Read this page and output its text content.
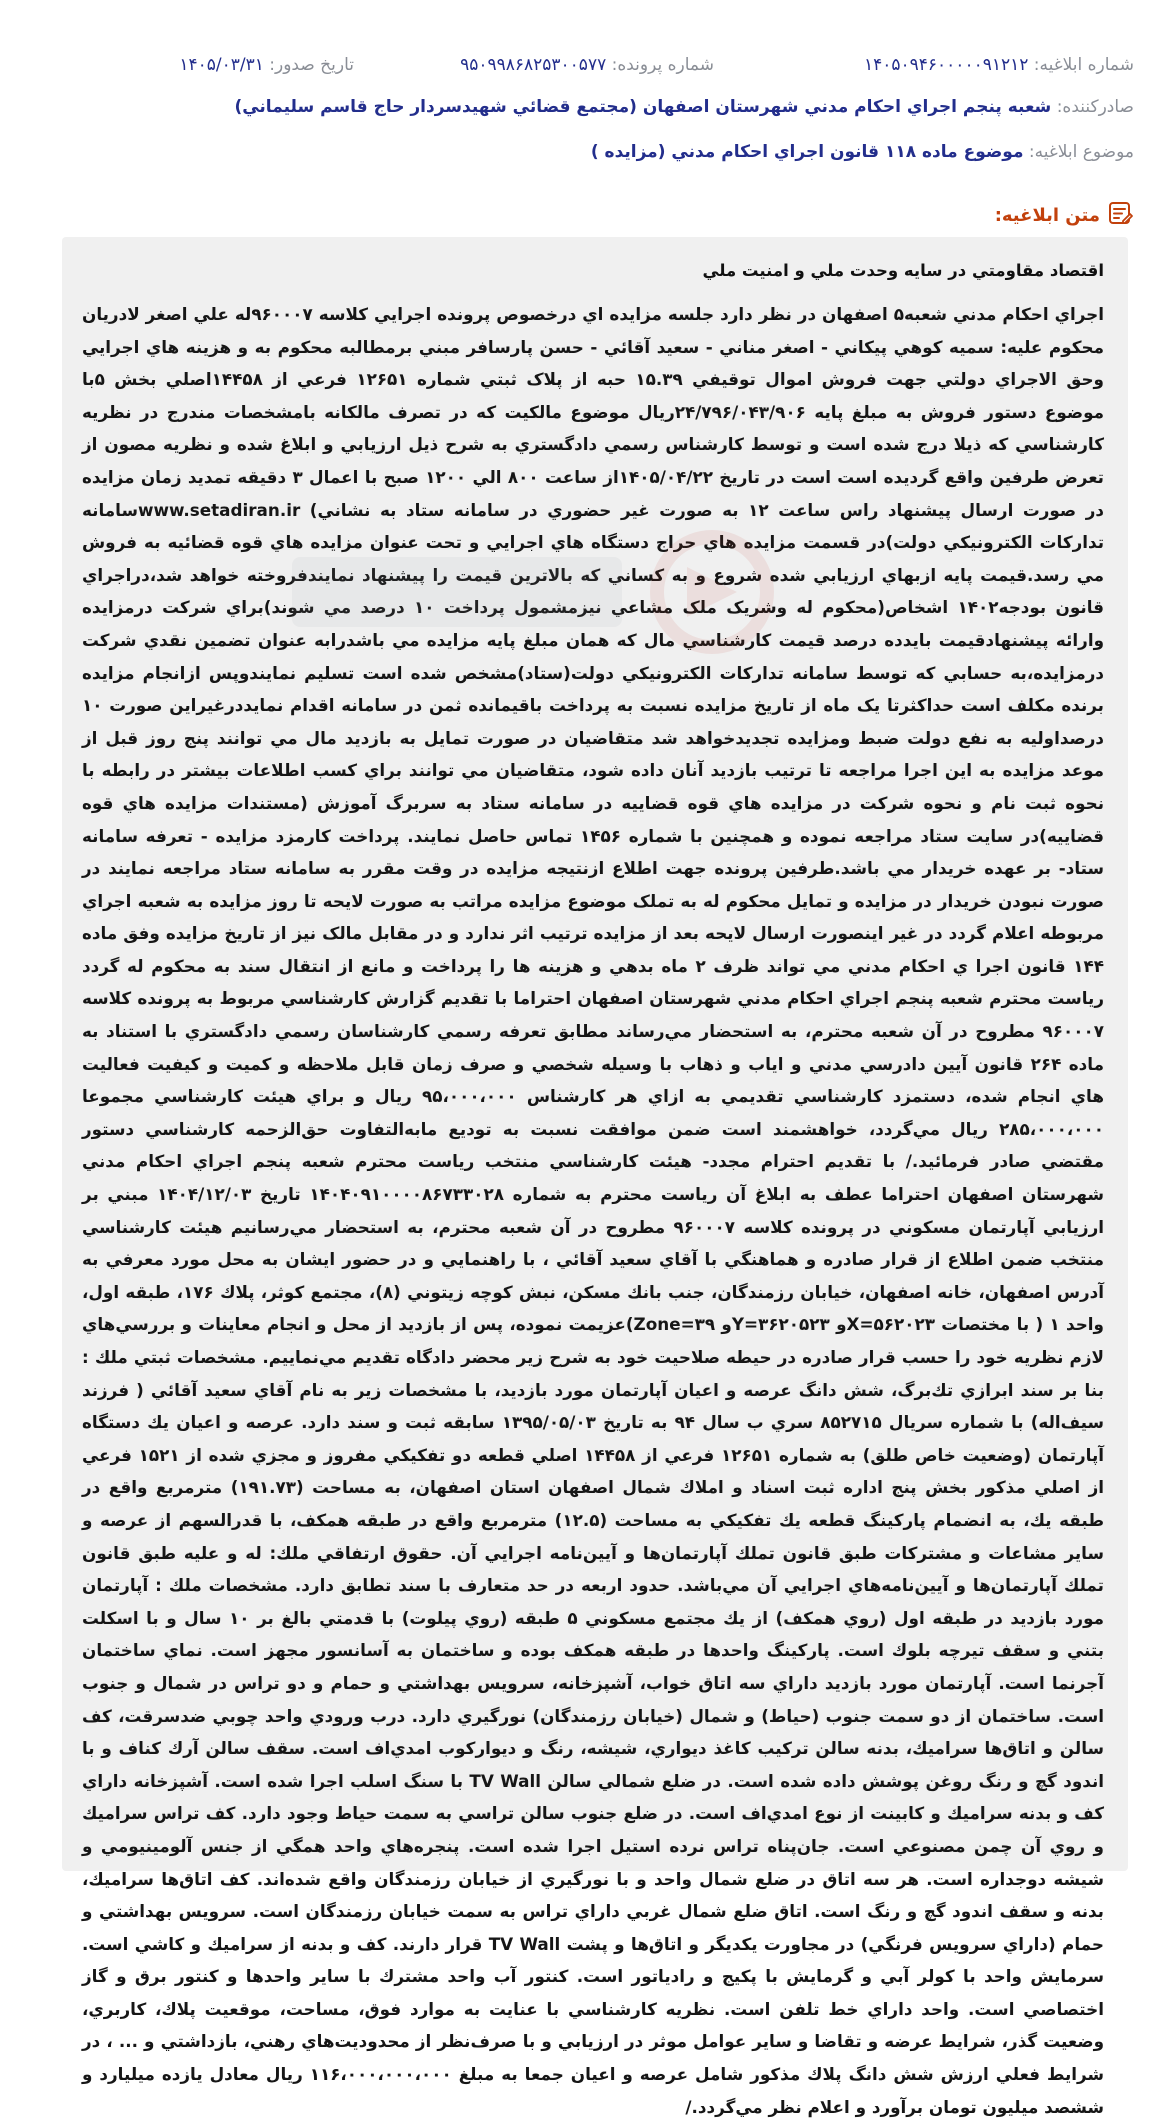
شماره ابلاغيه: ۱۴۰۵۰۹۴۶۰۰۰۰۰۹۱۲۱۲
شماره پرونده: ۹۵۰۹۹۸۶۸۲۵۳۰۰۵۷۷
تاريخ صدور: ۱۴۰۵/۰۳/۳۱
صادرکننده: شعبه پنجم اجراي احكام مدني شهرستان اصفهان (مجتمع قضائي شهيدسردار حاج قاسم سليماني)
موضوع ابلاغيه: موضوع ماده ۱۱۸ قانون اجراي احكام مدني (مزايده )
متن ابلاغيه:
اقتصاد مقاومتي در سايه وحدت ملي و امنيت ملي

اجراي احكام مدني شعبه۵ اصفهان در نظر دارد جلسه مزايده اي درخصوص پرونده اجرايي كلاسه ۹۶۰۰۰۷له علي اصغر لادريان محکوم علیه: سمیه كوهي پيكاني - اصغر مناني - سعيد آقائي - حسن پارسافر مبني برمطالبه محكوم به و هزينه هاي اجرايي وحق الاجراي دولتي جهت فروش اموال توقيفي ۱۵.۳۹ حبه از پلاک ثبتي شماره ۱۲۶۵۱ فرعي از ۱۴۴۵۸اصلي بخش ۵با موضوع دستور فروش به مبلغ پايه ۲۴/۷۹۶/۰۴۳/۹۰۶ريال موضوع مالكيت كه در تصرف مالكانه بامشخصات مندرج در نظريه كارشناسي كه ذيلا درج شده است و توسط كارشناس رسمي دادگستري به شرح ذيل ارزيابي و ابلاغ شده و نظريه مصون از تعرض طرفين واقع گرديده است است در تاريخ ۱۴۰۵/۰۴/۲۲از ساعت ۸۰۰ الي ۱۲۰۰ صبح با اعمال ۳ دقيقه تمديد زمان مزايده در صورت ارسال پيشنهاد راس ساعت ۱۲ به صورت غير حضوري در سامانه ستاد به نشاني) www.setadiran.irسامانه تداركات الكترونيكي دولت)در قسمت مزايده هاي حراج دستگاه هاي اجرايي و تحت عنوان مزايده هاي قوه قضائيه به فروش مي رسد.قيمت پايه ازبهاي ارزيابي شده شروع و به كساني كه بالاترين قيمت را پيشنهاد نمايندفروخته خواهد شد،دراجراي قانون بودجه۱۴۰۲ اشخاص(محكوم له وشريک ملک مشاعي نيزمشمول پرداخت ۱۰ درصد مي شوند)براي شركت درمزايده وارائه پيشنهادقيمت بايدده درصد قيمت كارشناسي مال كه همان مبلغ پايه مزايده مي باشدرابه عنوان تضمين نقدي شركت درمزايده،به حسابي كه توسط سامانه تداركات الكترونيكي دولت(ستاد)مشخص شده است تسليم نمايندوپس ازانجام مزايده برنده مكلف است حداكثرتا يک ماه از تاريخ مزايده نسبت به پرداخت باقيمانده ثمن در سامانه اقدام نمايددرغيراين صورت ۱۰ درصداوليه به نفع دولت ضبط ومزايده تجديدخواهد شد متقاضيان در صورت تمايل به بازديد مال مي توانند پنج روز قبل از موعد مزايده به اين اجرا مراجعه تا ترتيب بازديد آنان داده شود، متقاضيان مي توانند براي كسب اطلاعات بيشتر در رابطه با نحوه ثبت نام و نحوه شركت در مزايده هاي قوه قضاييه در سامانه ستاد به سربرگ آموزش (مستندات مزايده هاي قوه قضاييه)در سايت ستاد مراجعه نموده و همچنين با شماره ۱۴۵۶ تماس حاصل نمايند. پرداخت كارمزد مزايده - تعرفه سامانه ستاد- بر عهده خريدار مي باشد.طرفين پرونده جهت اطلاع ازنتيجه مزايده در وقت مقرر به سامانه ستاد مراجعه نمايند در صورت نبودن خريدار در مزايده و تمايل محكوم له به تملک موضوع مزايده مراتب به صورت لايحه تا روز مزايده به شعبه اجراي مربوطه اعلام گردد در غير اينصورت ارسال لايحه بعد از مزايده ترتيب اثر ندارد و در مقابل مالک نيز از تاريخ مزايده وفق ماده ۱۴۴ قانون اجرا ي احكام مدني مي تواند ظرف ۲ ماه بدهي و هزينه ها را پرداخت و مانع از انتقال سند به محكوم له گردد رياست محترم شعبه پنجم اجراي احكام مدني شهرستان اصفهان احتراما با تقديم گزارش كارشناسي مربوط به پرونده كلاسه ۹۶۰۰۰۷ مطروح در آن شعبه محترم، به استحضار مي‌رساند مطابق تعرفه رسمي كارشناسان رسمي دادگستري با استناد به ماده ۲۶۴ قانون آيين دادرسي مدني و اياب و ذهاب با وسيله شخصي و صرف زمان قابل ملاحظه و كميت و كيفيت فعاليت هاي انجام شده، دستمزد كارشناسي تقديمي به ازاي هر كارشناس ۹۵،۰۰۰،۰۰۰ ريال و براي هيئت كارشناسي مجموعا ۲۸۵،۰۰۰،۰۰۰ ريال مي‌گردد، خواهشمند است ضمن موافقت نسبت به توديع مابه‌التفاوت حق‌الزحمه كارشناسي دستور مقتضي صادر فرمائيد./ با تقديم احترام مجدد- هيئت كارشناسي منتخب رياست محترم شعبه پنجم اجراي احكام مدني شهرستان اصفهان احتراما عطف به ابلاغ آن رياست محترم به شماره ۱۴۰۴۰۹۱۰۰۰۰۸۶۷۳۳۰۲۸ تاريخ ۱۴۰۴/۱۲/۰۳ مبني بر ارزيابي آپارتمان مسكوني در پرونده كلاسه ۹۶۰۰۰۷ مطروح در آن شعبه محترم، به استحضار مي‌رسانيم هيئت كارشناسي منتخب ضمن اطلاع از قرار صادره و هماهنگي با آقاي سعيد آقائي ، با راهنمايي و در حضور ايشان به محل مورد معرفي به آدرس اصفهان، خانه اصفهان، خيابان رزمندگان، جنب بانك مسكن، نبش كوچه زيتوني (۸)، مجتمع كوثر، پلاك ۱۷۶، طبقه اول، واحد ۱ ( با مختصات X=۵۶۲۰۲۳و Y=۳۶۲۰۵۲۳و Zone=۳۹)عزيمت نموده، پس از بازديد از محل و انجام معاينات و بررسي‌هاي لازم نظريه خود را حسب قرار صادره در حيطه صلاحيت خود به شرح زير محضر دادگاه تقديم مي‌نماييم. مشخصات ثبتي ملك : بنا بر سند ابرازي تك‌برگ، شش دانگ عرصه و اعيان آپارتمان مورد بازديد، با مشخصات زير به نام آقاي سعيد آقائي ( فرزند سيف‌اله) با شماره سريال ۸۵۲۷۱۵ سري ب سال ۹۴ به تاريخ ۱۳۹۵/۰۵/۰۳ سابقه ثبت و سند دارد. عرصه و اعيان يك دستگاه آپارتمان (وضعيت خاص طلق) به شماره ۱۲۶۵۱ فرعي از ۱۴۴۵۸ اصلي قطعه دو تفكيكي مفروز و مجزي شده از ۱۵۲۱ فرعي از اصلي مذكور بخش پنج اداره ثبت اسناد و املاك شمال اصفهان استان اصفهان، به مساحت (۱۹۱.۷۳) مترمربع واقع در طبقه يك، به انضمام پاركينگ قطعه يك تفكيكي به مساحت (۱۲.۵) مترمربع واقع در طبقه همكف، با قدرالسهم از عرصه و ساير مشاعات و مشتركات طبق قانون تملك آپارتمان‌ها و آيين‌نامه اجرايي آن. حقوق ارتفاقي ملك: له و عليه طبق قانون تملك آپارتمان‌ها و آيين‌نامه‌هاي اجرايي آن مي‌باشد. حدود اربعه در حد متعارف با سند تطابق دارد. مشخصات ملك : آپارتمان مورد بازديد در طبقه اول (روي همكف) از يك مجتمع مسكوني ۵ طبقه (روي پيلوت) با قدمتي بالغ بر ۱۰ سال و با اسكلت بتني و سقف تيرچه بلوك است. پاركينگ واحدها در طبقه همكف بوده و ساختمان به آسانسور مجهز است. نماي ساختمان آجرنما است. آپارتمان مورد بازديد داراي سه اتاق خواب، آشپزخانه، سرويس بهداشتي و حمام و دو تراس در شمال و جنوب است. ساختمان از دو سمت جنوب (حياط) و شمال (خيابان رزمندگان) نورگيري دارد. درب ورودي واحد چوبي ضدسرقت، كف سالن و اتاق‌ها سراميك، بدنه سالن تركيب كاغذ ديواري، شيشه، رنگ و ديواركوب امدي‌اف است. سقف سالن آرك كناف و با اندود گچ و رنگ روغن پوشش داده شده است. در ضلع شمالي سالن TV Wall با سنگ اسلب اجرا شده است. آشپزخانه داراي كف و بدنه سراميك و كابينت از نوع امدي‌اف است. در ضلع جنوب سالن تراسي به سمت حياط وجود دارد. كف تراس سراميك و روي آن چمن مصنوعي است. جان‌پناه تراس نرده استيل اجرا شده است. پنجره‌هاي واحد همگي از جنس آلومينيومي و شيشه دوجداره است. هر سه اتاق در ضلع شمال واحد و با نورگيري از خيابان رزمندگان واقع شده‌اند. كف اتاق‌ها سراميك، بدنه و سقف اندود گچ و رنگ است. اتاق ضلع شمال غربي داراي تراس به سمت خيابان رزمندگان است. سرويس بهداشتي و حمام (داراي سرويس فرنگي) در مجاورت يكديگر و اتاق‌ها و پشت TV Wall قرار دارند. كف و بدنه از سراميك و كاشي است. سرمايش واحد با كولر آبي و گرمايش با پكيج و رادياتور است. كنتور آب واحد مشترك با ساير واحدها و كنتور برق و گاز اختصاصي است. واحد داراي خط تلفن است. نظريه كارشناسي با عنايت به موارد فوق، مساحت، موقعيت پلاك، كاربري، وضعيت گذر، شرايط عرضه و تقاضا و ساير عوامل موثر در ارزيابي و با صرف‌نظر از محدوديت‌هاي رهني، بازداشتي و ... ، در شرايط فعلي ارزش شش دانگ پلاك مذكور شامل عرصه و اعيان جمعا به مبلغ ۱۱۶،۰۰۰،۰۰۰،۰۰۰ ريال معادل يازده ميليارد و ششصد ميليون تومان برآورد و اعلام نظر مي‌گردد./
